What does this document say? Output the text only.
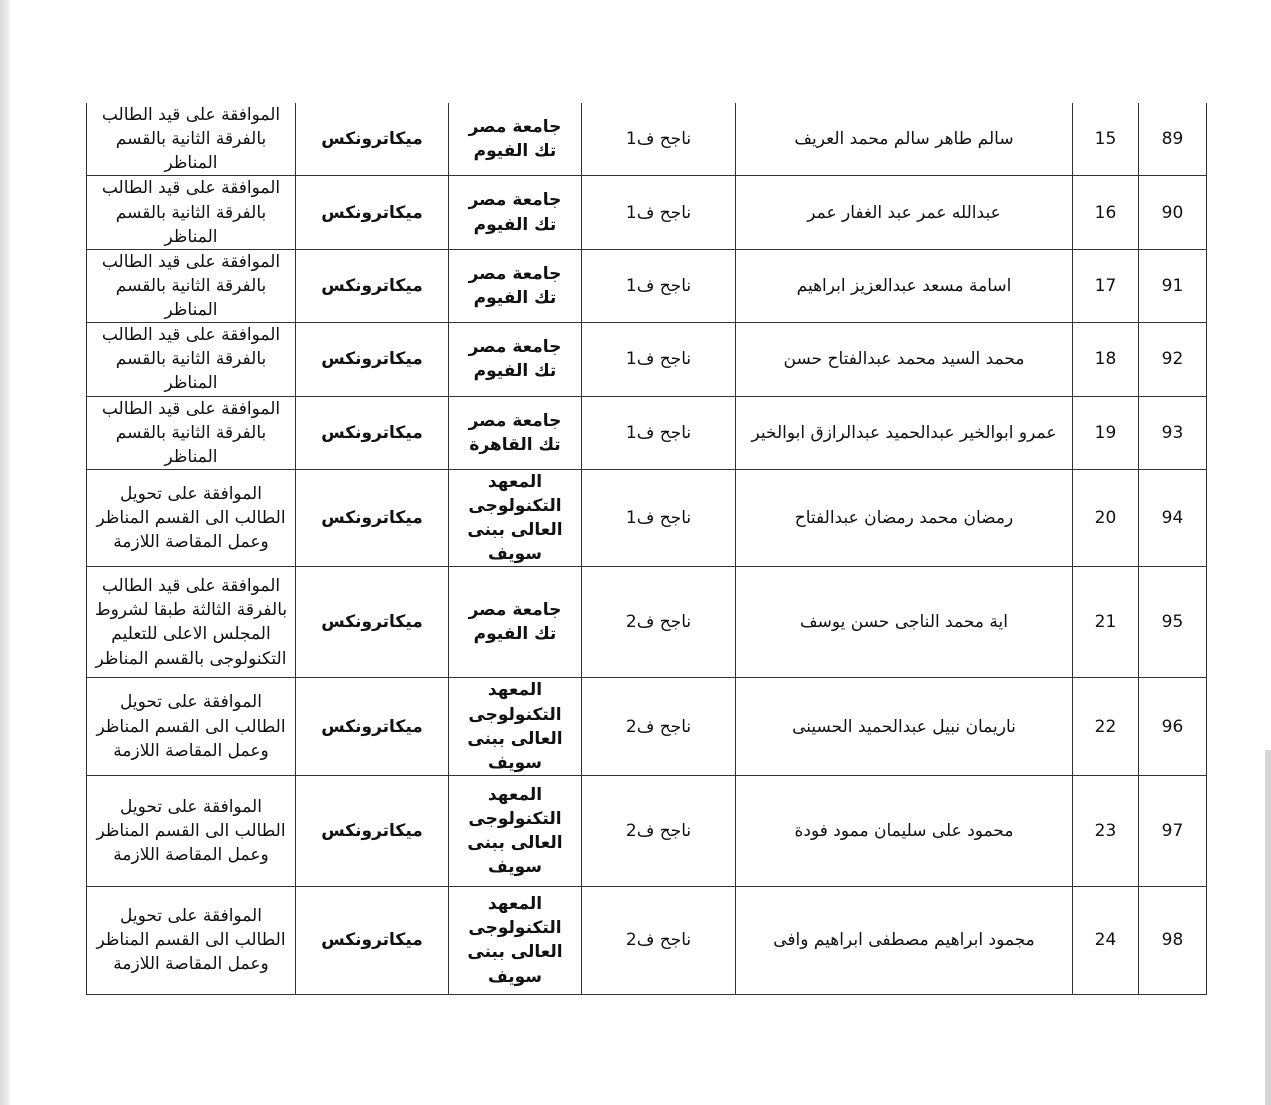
89	15	سالم طاهر سالم محمد العريف	ناجح ف1	جامعة مصر تك الفيوم	ميكاترونكس	الموافقة على قيد الطالب بالفرقة الثانية بالقسم المناظر
90	16	عبدالله عمر عبد الغفار عمر	ناجح ف1	جامعة مصر تك الفيوم	ميكاترونكس	الموافقة على قيد الطالب بالفرقة الثانية بالقسم المناظر
91	17	اسامة مسعد عبدالعزيز ابراهيم	ناجح ف1	جامعة مصر تك الفيوم	ميكاترونكس	الموافقة على قيد الطالب بالفرقة الثانية بالقسم المناظر
92	18	محمد السيد محمد عبدالفتاح حسن	ناجح ف1	جامعة مصر تك الفيوم	ميكاترونكس	الموافقة على قيد الطالب بالفرقة الثانية بالقسم المناظر
93	19	عمرو ابوالخير عبدالحميد عبدالرازق ابوالخير	ناجح ف1	جامعة مصر تك القاهرة	ميكاترونكس	الموافقة على قيد الطالب بالفرقة الثانية بالقسم المناظر
94	20	رمضان محمد رمضان عبدالفتاح	ناجح ف1	المعهد التكنولوجى العالى ببنى سويف	ميكاترونكس	الموافقة على تحويل الطالب الى القسم المناظر وعمل المقاصة اللازمة
95	21	اية محمد الناجى حسن يوسف	ناجح ف2	جامعة مصر تك الفيوم	ميكاترونكس	الموافقة على قيد الطالب بالفرقة الثالثة طبقا لشروط المجلس الاعلى للتعليم التكنولوجى بالقسم المناظر
96	22	ناريمان نبيل عبدالحميد الحسينى	ناجح ف2	المعهد التكنولوجى العالى ببنى سويف	ميكاترونكس	الموافقة على تحويل الطالب الى القسم المناظر وعمل المقاصة اللازمة
97	23	محمود على سليمان ممود فودة	ناجح ف2	المعهد التكنولوجى العالى ببنى سويف	ميكاترونكس	الموافقة على تحويل الطالب الى القسم المناظر وعمل المقاصة اللازمة
98	24	مجمود ابراهيم مصطفى ابراهيم وافى	ناجح ف2	المعهد التكنولوجى العالى ببنى سويف	ميكاترونكس	الموافقة على تحويل الطالب الى القسم المناظر وعمل المقاصة اللازمة
